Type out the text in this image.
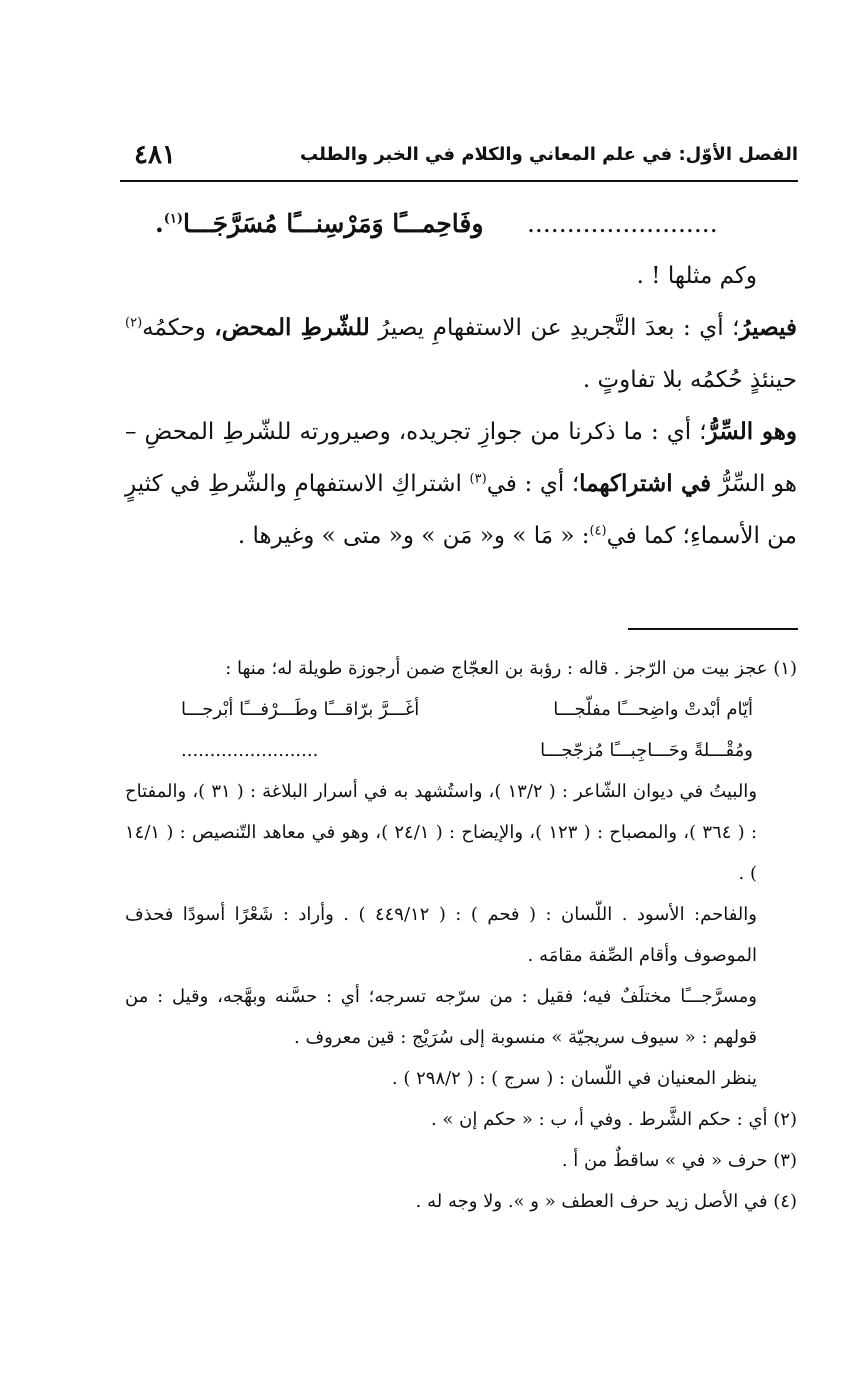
الفصل الأوّل: في علم المعاني والكلام في الخبر والطلب
٤٨١

........................     وفَاحِمـــًا وَمَرْسِنـــًا مُسَرَّجَـــا$^{(١)}$.

وكم مثلها ! .

فيصيرُ؛ أي : بعدَ التَّجريدِ عن الاستفهامِ يصيرُ للشّرطِ المحض، وحكمُه$^{(٢)}$ حينئذٍ حُكمُه بلا تفاوتٍ .

وهو السِّرُّ؛ أي : ما ذكرنا من جوازِ تجريده، وصيرورته للشّرطِ المحضِ – هو السِّرُّ في اشتراكهما؛ أي : في$^{(٣)}$ اشتراكِ الاستفهامِ والشّرطِ في كثيرٍ من الأسماءِ؛ كما في$^{(٤)}$: « مَا » و« مَن » و« متى » وغيرها .

(١) عجز بيت من الرّجز . قاله : رؤبة بن العجّاج ضمن أرجوزة طويلة له؛ منها :

أيّام أبْدتْ واضِحـــًا مفلّجـــا
أغَـــرَّ برّاقـــًا وطَـــرْفـــًا أبْرجـــا
ومُقْـــلةً وحَـــاجِبـــًا مُزجّجـــا
........................

والبيتُ في ديوان الشّاعر : ( ١٣/٢ )، واستُشهد به في أسرار البلاغة : ( ٣١ )، والمفتاح : ( ٣٦٤ )، والمصباح : ( ١٢٣ )، والإيضاح : ( ٢٤/١ )، وهو في معاهد التّنصيص : ( ١٤/١ ) .

والفاحم: الأسود . اللّسان : ( فحم ) : ( ٤٤٩/١٢ ) . وأراد : شَعْرًا أسودًا فحذف الموصوف وأقام الصِّفة مقامَه .

ومسرَّجـــًا مختلَفٌ فيه؛ فقيل : من سرّجه تسرجه؛ أي : حسَّنه وبهَّجه، وقيل : من قولهم : « سيوف سريجيّة » منسوبة إلى سُرَيْج : قين معروف .

ينظر المعنيان في اللّسان : ( سرج ) : ( ٢٩٨/٢ ) .

(٢) أي : حكم الشَّرط . وفي أ، ب : « حكم إن » .

(٣) حرف « في » ساقطٌ من أ .

(٤) في الأصل زيد حرف العطف « و ». ولا وجه له .
